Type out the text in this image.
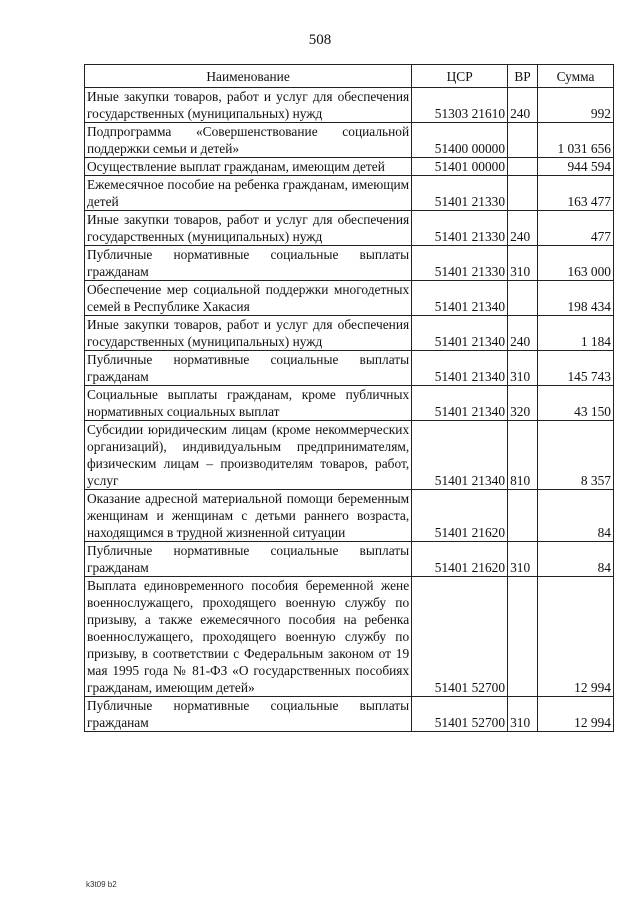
508
Наименование	ЦСР	ВР	Сумма
Иные закупки товаров, работ и услуг для обеспечения государственных (муниципальных) нужд	51303 21610	240	992
Подпрограмма «Совершенствование социальной поддержки семьи и детей»	51400 00000		1 031 656
Осуществление выплат гражданам, имеющим детей	51401 00000		944 594
Ежемесячное пособие на ребенка гражданам, имеющим детей	51401 21330		163 477
Иные закупки товаров, работ и услуг для обеспечения государственных (муниципальных) нужд	51401 21330	240	477
Публичные нормативные социальные выплаты гражданам	51401 21330	310	163 000
Обеспечение мер социальной поддержки многодетных семей в Республике Хакасия	51401 21340		198 434
Иные закупки товаров, работ и услуг для обеспечения государственных (муниципальных) нужд	51401 21340	240	1 184
Публичные нормативные социальные выплаты гражданам	51401 21340	310	145 743
Социальные выплаты гражданам, кроме публичных нормативных социальных выплат	51401 21340	320	43 150
Субсидии юридическим лицам (кроме некоммерческих организаций), индивидуальным предпринимателям, физическим лицам – производителям товаров, работ, услуг	51401 21340	810	8 357
Оказание адресной материальной помощи беременным женщинам и женщинам с детьми раннего возраста, находящимся в трудной жизненной ситуации	51401 21620		84
Публичные нормативные социальные выплаты гражданам	51401 21620	310	84
Выплата единовременного пособия беременной жене военнослужащего, проходящего военную службу по призыву, а также ежемесячного пособия на ребенка военнослужащего, проходящего военную службу по призыву, в соответствии с Федеральным законом от 19 мая 1995 года № 81-ФЗ «О государственных пособиях гражданам, имеющим детей»	51401 52700		12 994
Публичные нормативные социальные выплаты гражданам	51401 52700	310	12 994
k3t09 b2
